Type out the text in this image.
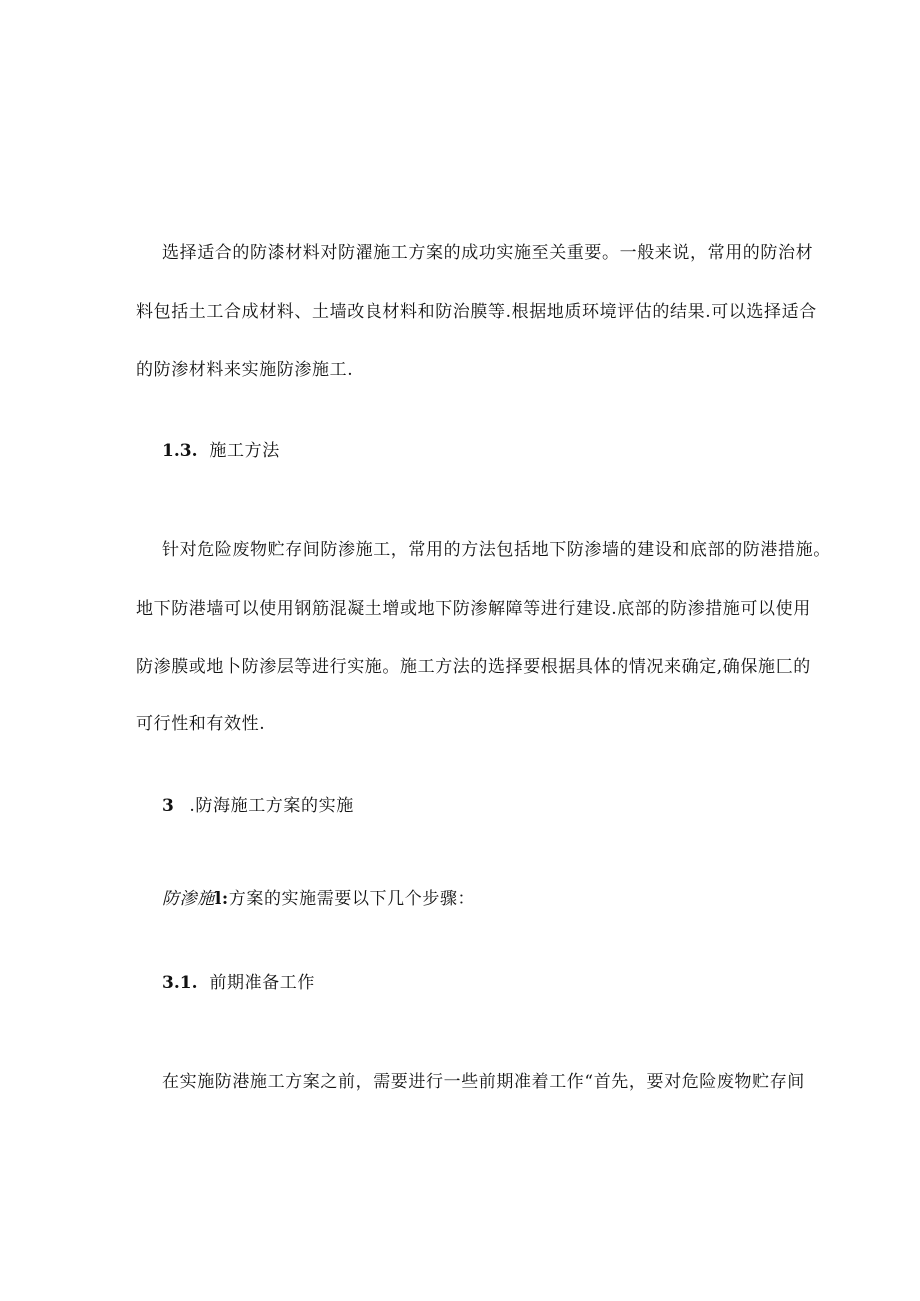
选择适合的防漆材料对防濯施工方案的成功实施至关重要。一般来说，常用的防治材
料包括土工合成材料、土墙改良材料和防治膜等.根据地质环境评估的结果.可以选择适合
的防渗材料来实施防渗施工.
1.3. 施工方法
针对危险废物贮存间防渗施工，常用的方法包括地下防渗墙的建设和底部的防港措施。
地下防港墙可以使用钢筋混凝土增或地下防渗解障等进行建设.底部的防渗措施可以使用
防渗膜或地卜防渗层等进行实施。施工方法的选择要根据具体的情况来确定,确保施匚的
可行性和有效性.
3 .防海施工方案的实施
防渗施l:方案的实施需要以下几个步骤：
3.1. 前期准备工作
在实施防港施工方案之前，需要进行一些前期准着工作“首先，要对危险废物贮存间
